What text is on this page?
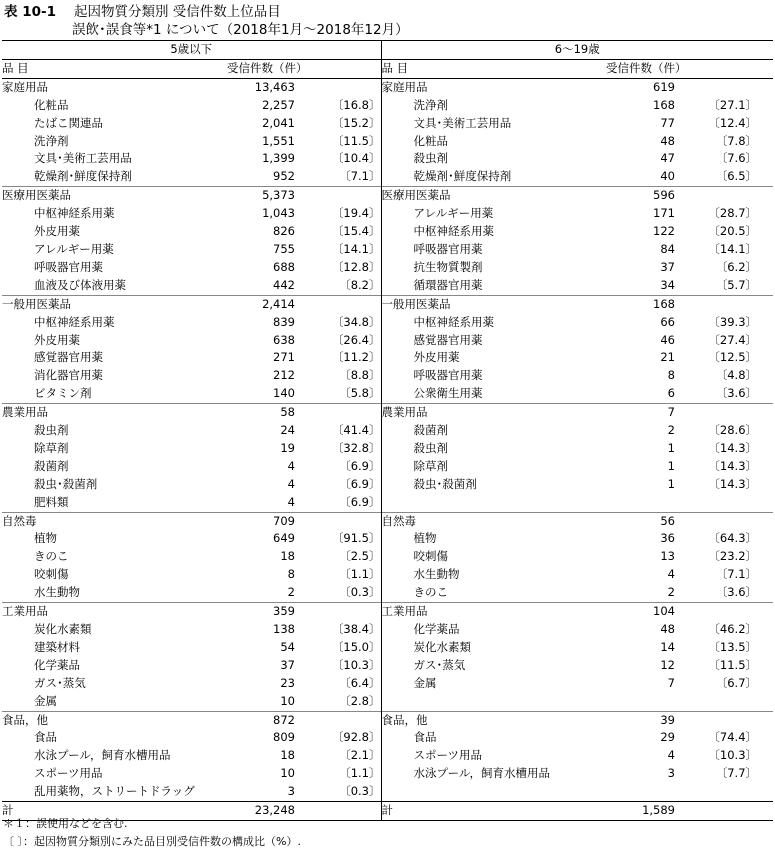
表 10-1 起因物質分類別 受信件数上位品目
誤飲･誤食等*1 について（2018年1月～2018年12月）
5歳以下			6～19歳		
品 目	受信件数（件）		品 目	受信件数（件）	
家庭用品	13,463		家庭用品	619	
化粧品	2,257	〔16.8〕	洗浄剤	168	〔27.1〕
たばこ関連品	2,041	〔15.2〕	文具･美術工芸用品	77	〔12.4〕
洗浄剤	1,551	〔11.5〕	化粧品	48	〔7.8〕
文具･美術工芸用品	1,399	〔10.4〕	殺虫剤	47	〔7.6〕
乾燥剤･鮮度保持剤	952	〔7.1〕	乾燥剤･鮮度保持剤	40	〔6.5〕
医療用医薬品	5,373		医療用医薬品	596	
中枢神経系用薬	1,043	〔19.4〕	アレルギー用薬	171	〔28.7〕
外皮用薬	826	〔15.4〕	中枢神経系用薬	122	〔20.5〕
アレルギー用薬	755	〔14.1〕	呼吸器官用薬	84	〔14.1〕
呼吸器官用薬	688	〔12.8〕	抗生物質製剤	37	〔6.2〕
血液及び体液用薬	442	〔8.2〕	循環器官用薬	34	〔5.7〕
一般用医薬品	2,414		一般用医薬品	168	
中枢神経系用薬	839	〔34.8〕	中枢神経系用薬	66	〔39.3〕
外皮用薬	638	〔26.4〕	感覚器官用薬	46	〔27.4〕
感覚器官用薬	271	〔11.2〕	外皮用薬	21	〔12.5〕
消化器官用薬	212	〔8.8〕	呼吸器官用薬	8	〔4.8〕
ビタミン剤	140	〔5.8〕	公衆衛生用薬	6	〔3.6〕
農業用品	58		農業用品	7	
殺虫剤	24	〔41.4〕	殺菌剤	2	〔28.6〕
除草剤	19	〔32.8〕	殺虫剤	1	〔14.3〕
殺菌剤	4	〔6.9〕	除草剤	1	〔14.3〕
殺虫･殺菌剤	4	〔6.9〕	殺虫･殺菌剤	1	〔14.3〕
肥料類	4	〔6.9〕			
自然毒	709		自然毒	56	
植物	649	〔91.5〕	植物	36	〔64.3〕
きのこ	18	〔2.5〕	咬刺傷	13	〔23.2〕
咬刺傷	8	〔1.1〕	水生動物	4	〔7.1〕
水生動物	2	〔0.3〕	きのこ	2	〔3.6〕
工業用品	359		工業用品	104	
炭化水素類	138	〔38.4〕	化学薬品	48	〔46.2〕
建築材料	54	〔15.0〕	炭化水素類	14	〔13.5〕
化学薬品	37	〔10.3〕	ガス･蒸気	12	〔11.5〕
ガス･蒸気	23	〔6.4〕	金属	7	〔6.7〕
金属	10	〔2.8〕			
食品，他	872		食品，他	39	
食品	809	〔92.8〕	食品	29	〔74.4〕
水泳プール，飼育水槽用品	18	〔2.1〕	スポーツ用品	4	〔10.3〕
スポーツ用品	10	〔1.1〕	水泳プール，飼育水槽用品	3	〔7.7〕
乱用薬物，ストリートドラッグ	3	〔0.3〕			
計	23,248		計	1,589	
＊１：誤使用などを含む.
〔 〕：起因物質分類別にみた品目別受信件数の構成比（%）.
